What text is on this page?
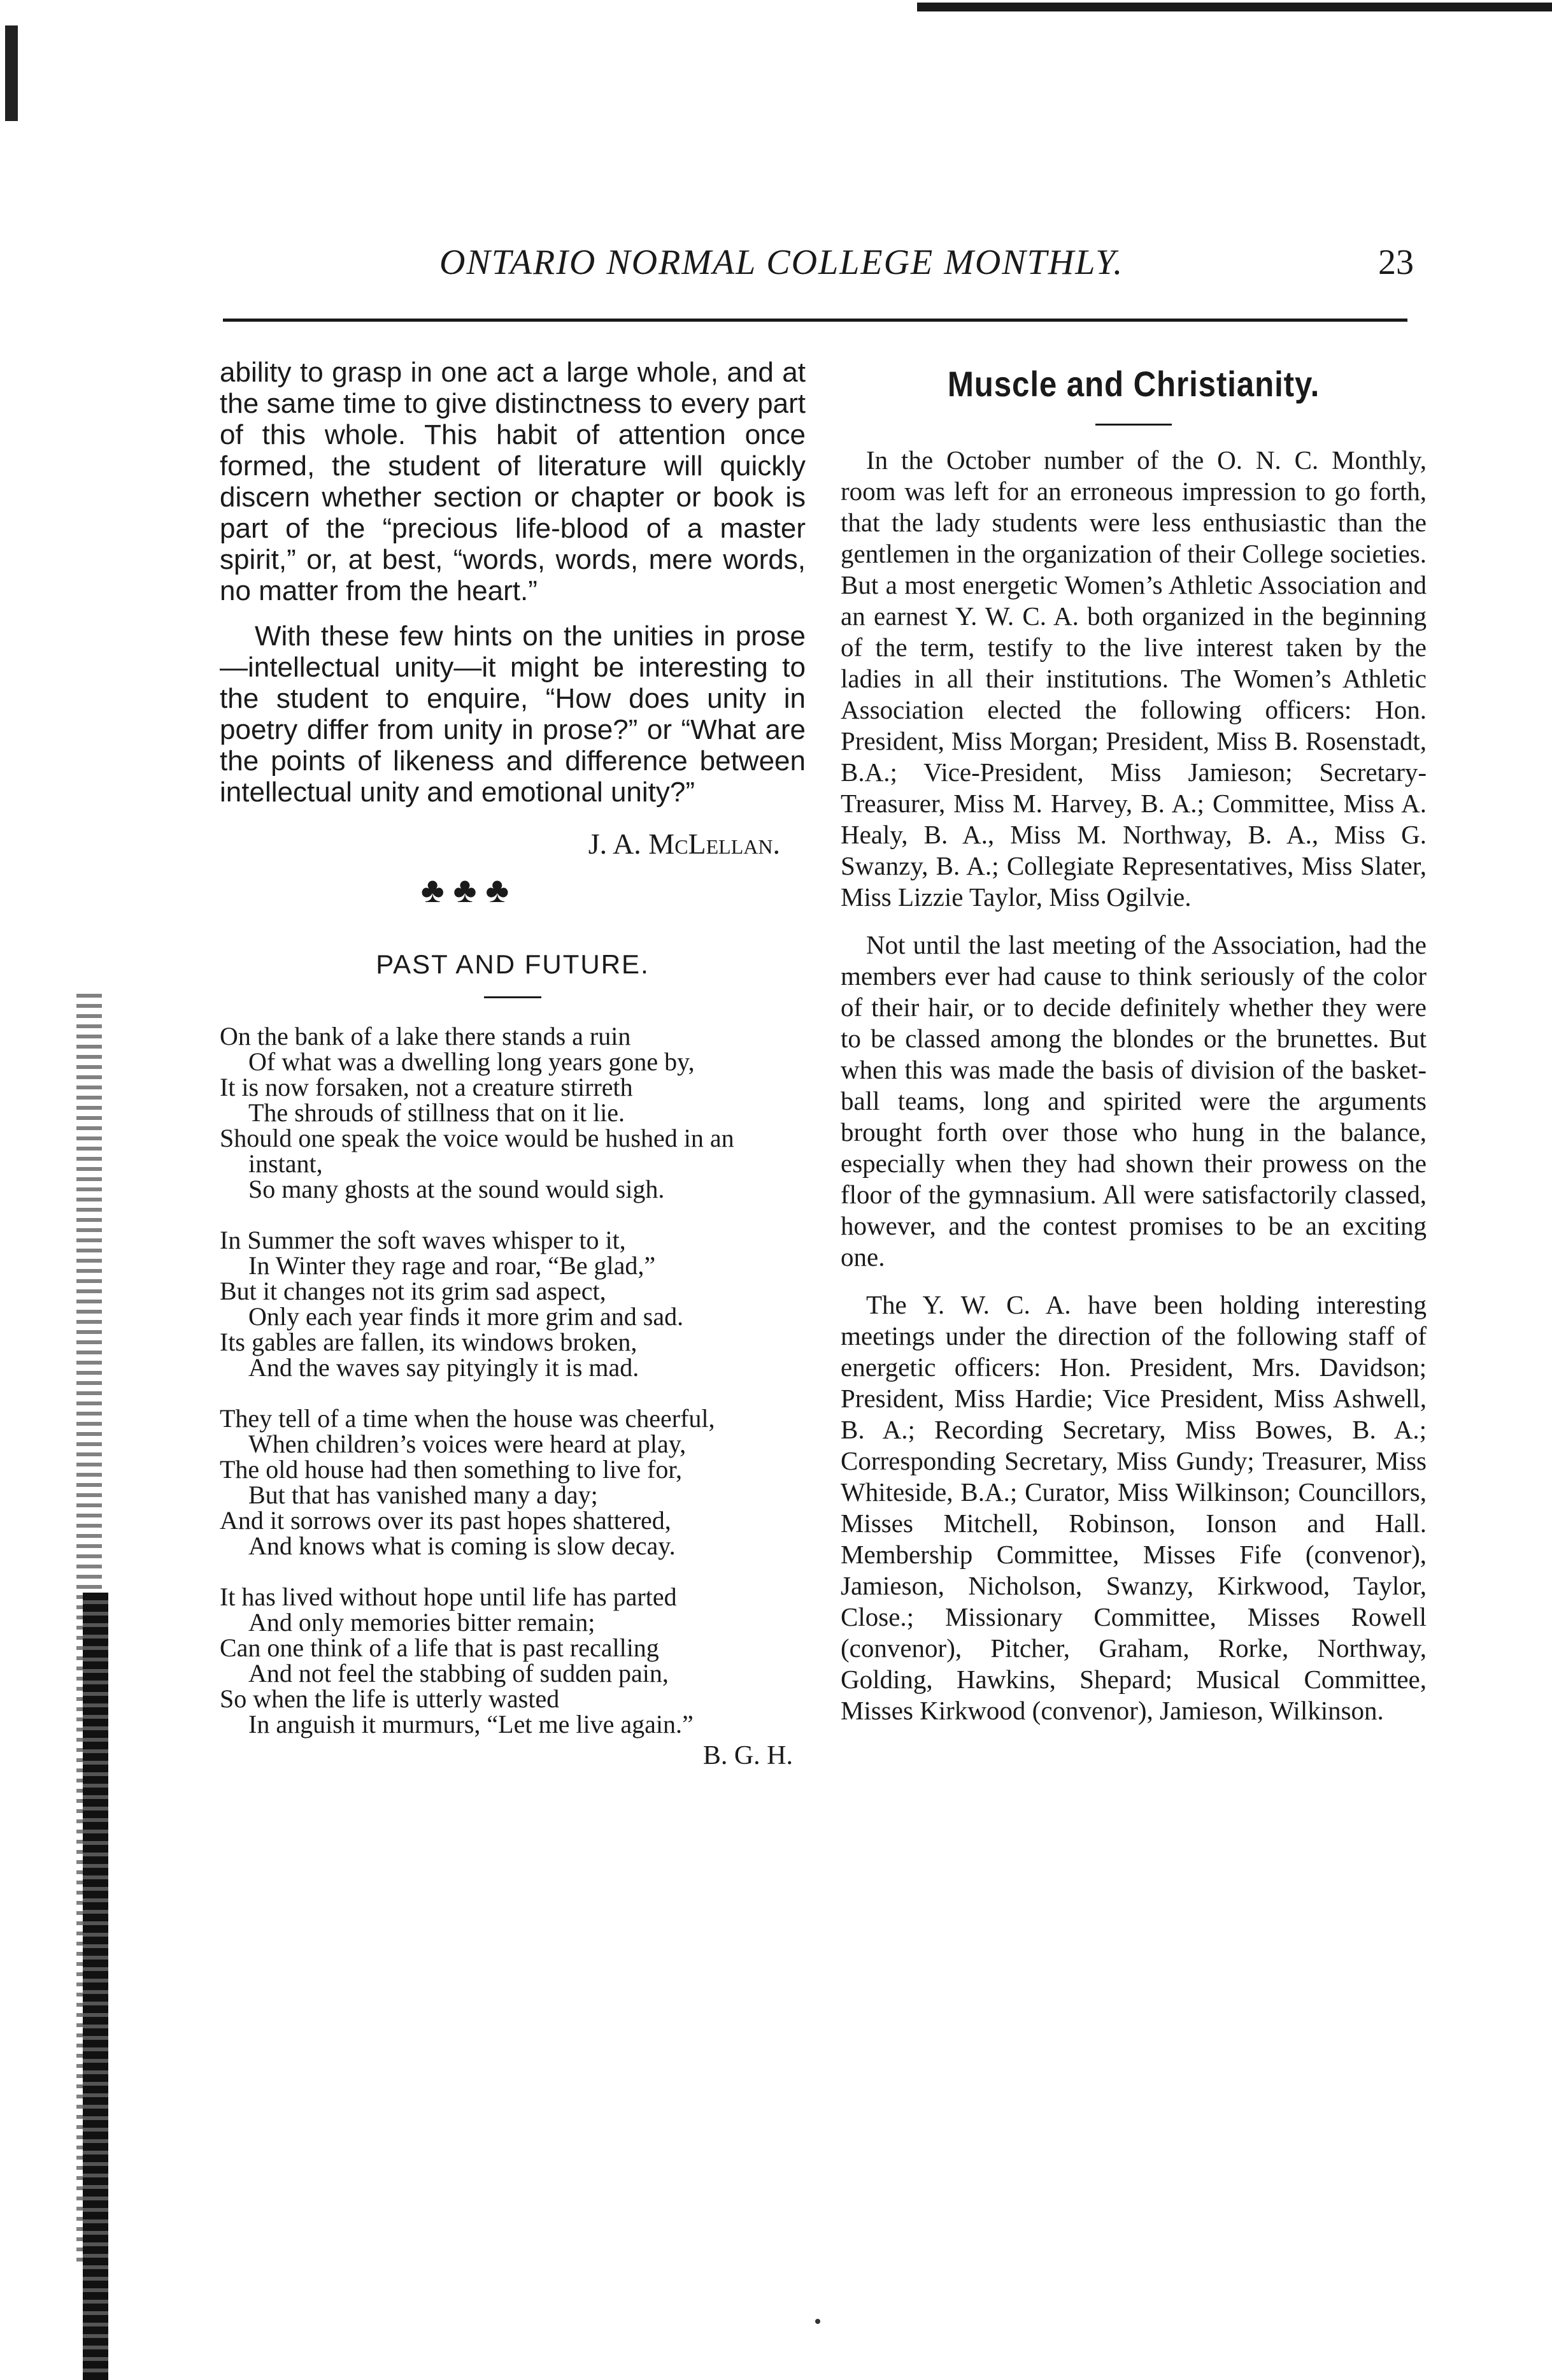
ONTARIO NORMAL COLLEGE MONTHLY.	23

ability to grasp in one act a large whole, and at the same time to give distinctness to every part of this whole. This habit of attention once formed, the student of literature will quickly discern whether section or chapter or book is part of the “precious life-blood of a master spirit,” or, at best, “words, words, mere words, no matter from the heart.”

With these few hints on the unities in prose—intellectual unity—it might be interesting to the student to enquire, “How does unity in poetry differ from unity in prose?” or “What are the points of likeness and difference between intellectual unity and emotional unity?”

J. A. McLellan.
♣ ♣ ♣
PAST AND FUTURE.

On the bank of a lake there stands a ruin

Of what was a dwelling long years gone by,

It is now forsaken, not a creature stirreth

The shrouds of stillness that on it lie.

Should one speak the voice would be hushed in an instant,

So many ghosts at the sound would sigh.

In Summer the soft waves whisper to it,

In Winter they rage and roar, “Be glad,”

But it changes not its grim sad aspect,

Only each year finds it more grim and sad.

Its gables are fallen, its windows broken,

And the waves say pityingly it is mad.

They tell of a time when the house was cheerful,

When children’s voices were heard at play,

The old house had then something to live for,

But that has vanished many a day;

And it sorrows over its past hopes shattered,

And knows what is coming is slow decay.

It has lived without hope until life has parted

And only memories bitter remain;

Can one think of a life that is past recalling

And not feel the stabbing of sudden pain,

So when the life is utterly wasted

In anguish it murmurs, “Let me live again.”

B. G. H.
Muscle and Christianity.

In the October number of the O. N. C. Monthly, room was left for an erroneous impression to go forth, that the lady students were less enthusiastic than the gentlemen in the organization of their College societies. But a most energetic Women’s Athletic Association and an earnest Y. W. C. A. both organized in the beginning of the term, testify to the live interest taken by the ladies in all their institutions. The Women’s Athletic Association elected the following officers: Hon. President, Miss Morgan; President, Miss B. Rosenstadt, B.A.; Vice-President, Miss Jamieson; Secretary-Treasurer, Miss M. Harvey, B. A.; Committee, Miss A. Healy, B. A., Miss M. Northway, B. A., Miss G. Swanzy, B. A.; Collegiate Representatives, Miss Slater, Miss Lizzie Taylor, Miss Ogilvie.

Not until the last meeting of the Association, had the members ever had cause to think seriously of the color of their hair, or to decide definitely whether they were to be classed among the blondes or the brunettes. But when this was made the basis of division of the basket-ball teams, long and spirited were the arguments brought forth over those who hung in the balance, especially when they had shown their prowess on the floor of the gymnasium. All were satisfactorily classed, however, and the contest promises to be an exciting one.

The Y. W. C. A. have been holding interesting meetings under the direction of the following staff of energetic officers: Hon. President, Mrs. Davidson; President, Miss Hardie; Vice President, Miss Ashwell, B. A.; Recording Secretary, Miss Bowes, B. A.; Corresponding Secretary, Miss Gundy; Treasurer, Miss Whiteside, B.A.; Curator, Miss Wilkinson; Councillors, Misses Mitchell, Robinson, Ionson and Hall. Membership Committee, Misses Fife (convenor), Jamieson, Nicholson, Swanzy, Kirkwood, Taylor, Close.; Missionary Committee, Misses Rowell (convenor), Pitcher, Graham, Rorke, Northway, Golding, Hawkins, Shepard; Musical Committee, Misses Kirkwood (convenor), Jamieson, Wilkinson.
